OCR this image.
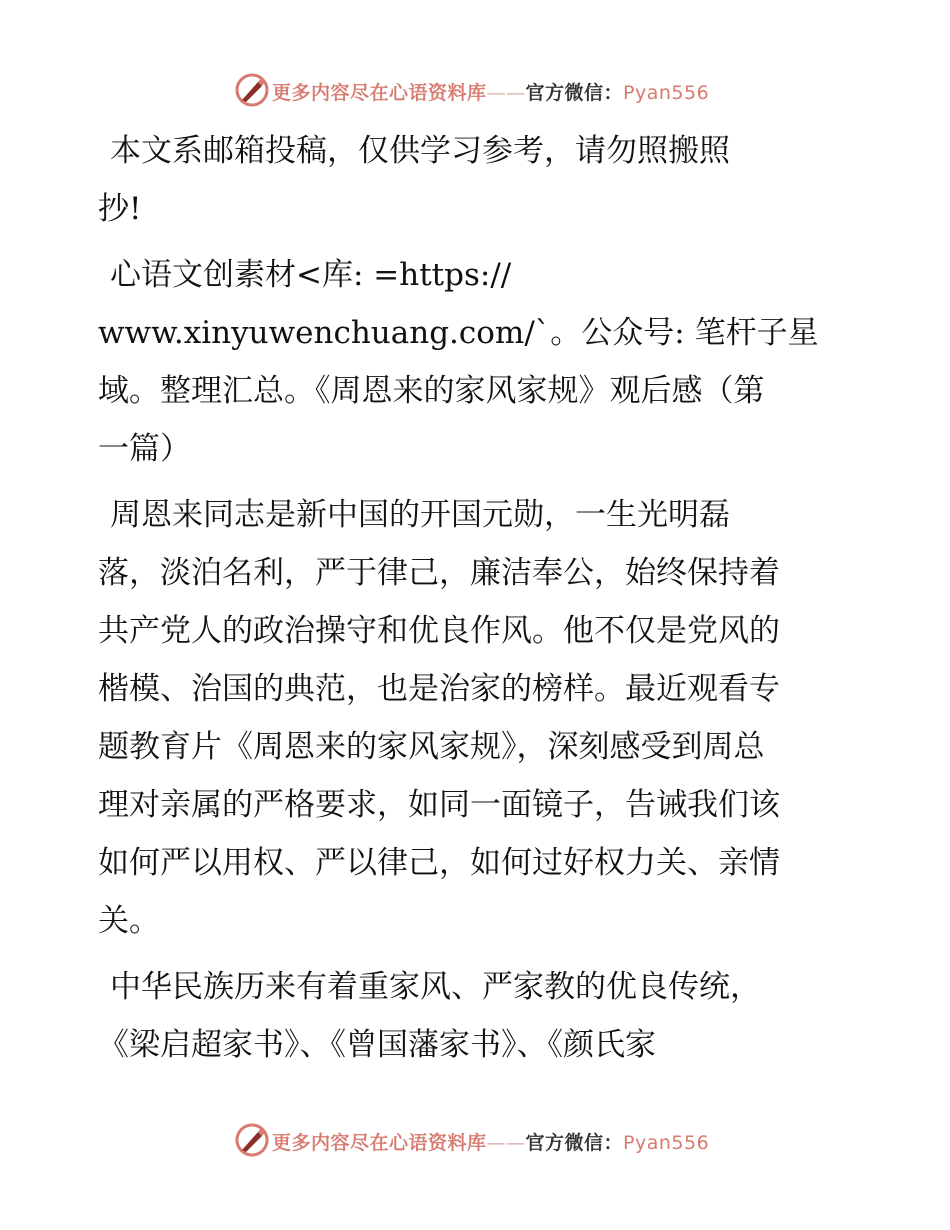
更多内容尽在心语资料库——官方微信：Pyan556
本文系邮箱投稿，仅供学习参考，请勿照搬照
抄!
心语文创素材<库: =https://
www.xinyuwenchuang.com/`。公众号: 笔杆子星
域。整理汇总。《周恩来的家风家规》观后感（第
一篇）
周恩来同志是新中国的开国元勋，一生光明磊
落，淡泊名利，严于律己，廉洁奉公，始终保持着
共产党人的政治操守和优良作风。他不仅是党风的
楷模、治国的典范，也是治家的榜样。最近观看专
题教育片《周恩来的家风家规》，深刻感受到周总
理对亲属的严格要求，如同一面镜子，告诫我们该
如何严以用权、严以律己，如何过好权力关、亲情
关。
中华民族历来有着重家风、严家教的优良传统，
《梁启超家书》、《曾国藩家书》、《颜氏家
更多内容尽在心语资料库——官方微信：Pyan556
